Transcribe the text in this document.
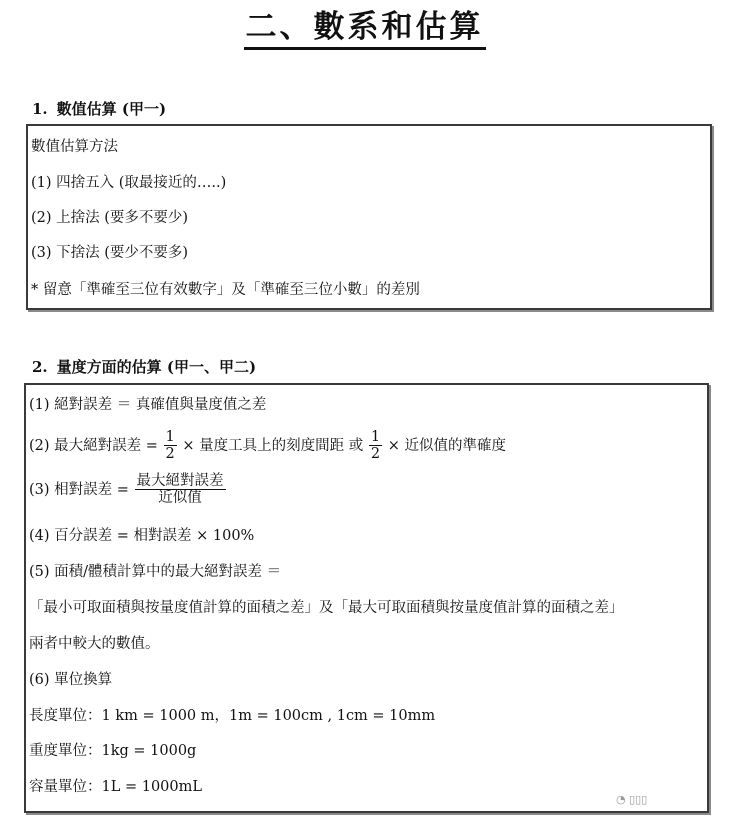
二、數系和估算
1. 數值估算 (甲一)
數值估算方法
(1) 四捨五入 (取最接近的…..)
(2) 上捨法 (要多不要少)
(3) 下捨法 (要少不要多)
* 留意「準確至三位有效數字」及「準確至三位小數」的差別
2. 量度方面的估算 (甲一、甲二)
(1) 絕對誤差 ＝ 真確值與量度值之差
(2) 最大絕對誤差 = $\frac{1}{2}$ × 量度工具上的刻度間距 或 $\frac{1}{2}$ × 近似值的準確度
(3) 相對誤差 = $\frac{\text{最大絕對誤差}}{\text{近似值}}$
(4) 百分誤差 = 相對誤差 × 100%
(5) 面積/體積計算中的最大絕對誤差 ＝
「最小可取面積與按量度值計算的面積之差」及「最大可取面積與按量度值計算的面積之差」
兩者中較大的數值。
(6) 單位換算
長度單位：1 km = 1000 m，1m = 100cm , 1cm = 10mm
重度單位：1kg = 1000g
容量單位：1L = 1000mL
◔ ▯▯▯
